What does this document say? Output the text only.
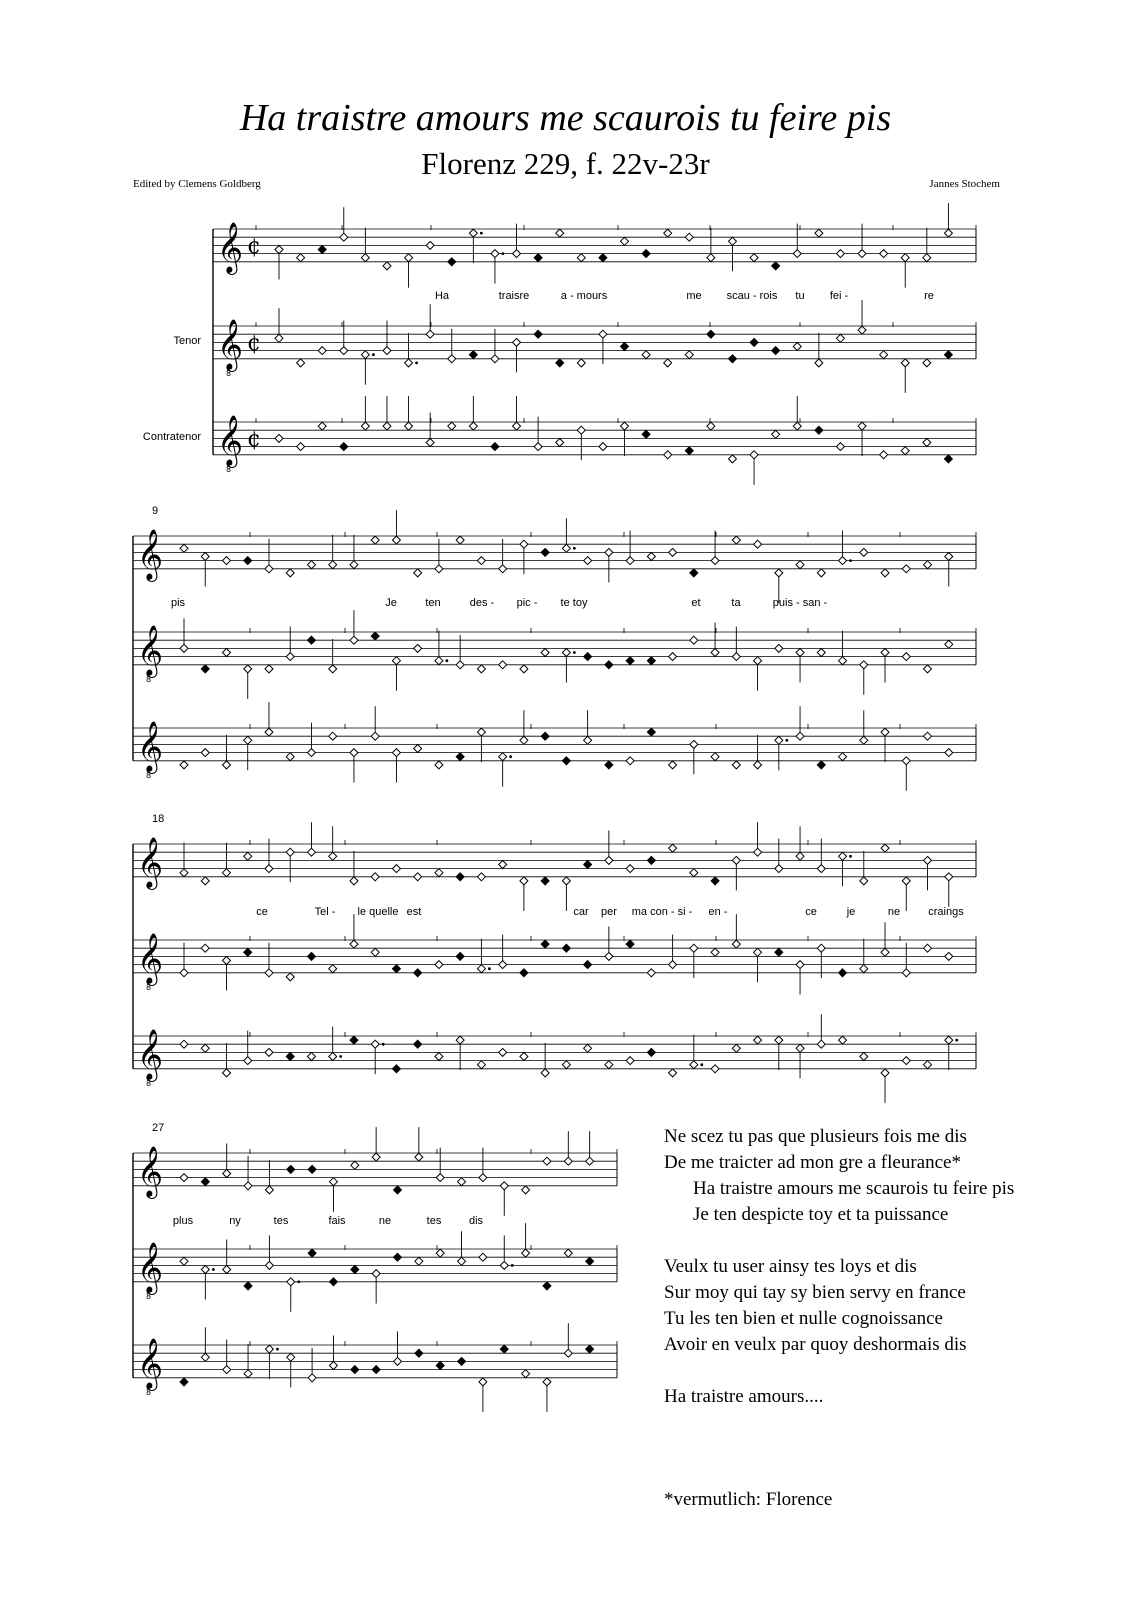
Ha traistre amours me scaurois tu feire pis
Florenz 229, f. 22v-23r
Edited by Clemens Goldberg	Jannes Stochem
Tenor
Contratenor
9
18
27
𝄞 ¢
𝄞
8
¢
𝄞
8
¢
𝄞
𝄞
8
𝄞
8
𝄞
𝄞
8
𝄞
8
𝄞
𝄞
8
𝄞
8
Ha	traisre	a - mours	me scau - rois tu fei -	re
pis	Je	ten	des - pic - te toy	et	ta	puis - san -
ce	Tel - le quelle est	car per ma con - si - en -	ce	je	ne	craings
plus	ny	tes	fais	ne	tes	dis
Ne scez tu pas que plusieurs fois me dis
De me traicter ad mon gre a fleurance*
Ha traistre amours me scaurois tu feire pis
Je ten despicte toy et ta puissance
Veulx tu user ainsy tes loys et dis
Sur moy qui tay sy bien servy en france
Tu les ten bien et nulle cognoissance
Avoir en veulx par quoy deshormais dis
Ha traistre amours....
*vermutlich: Florence
